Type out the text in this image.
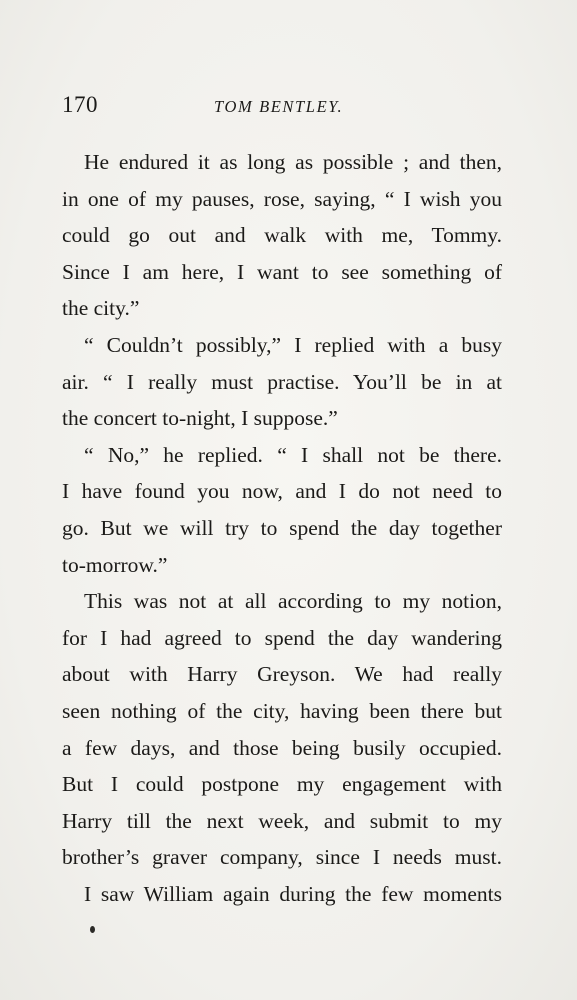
170	TOM BENTLEY.

He endured it as long as possible ; and then,
in one of my pauses, rose, saying, “ I wish you
could go out and walk with me, Tommy.
Since I am here, I want to see something of
the city.”

“ Couldn’t possibly,” I replied with a busy
air. “ I really must practise. You’ll be in at
the concert to-night, I suppose.”

“ No,” he replied. “ I shall not be there.
I have found you now, and I do not need to
go. But we will try to spend the day together
to-morrow.”

This was not at all according to my notion,
for I had agreed to spend the day wandering
about with Harry Greyson. We had really
seen nothing of the city, having been there but
a few days, and those being busily occupied.
But I could postpone my engagement with
Harry till the next week, and submit to my
brother’s graver company, since I needs must.

I saw William again during the few moments
